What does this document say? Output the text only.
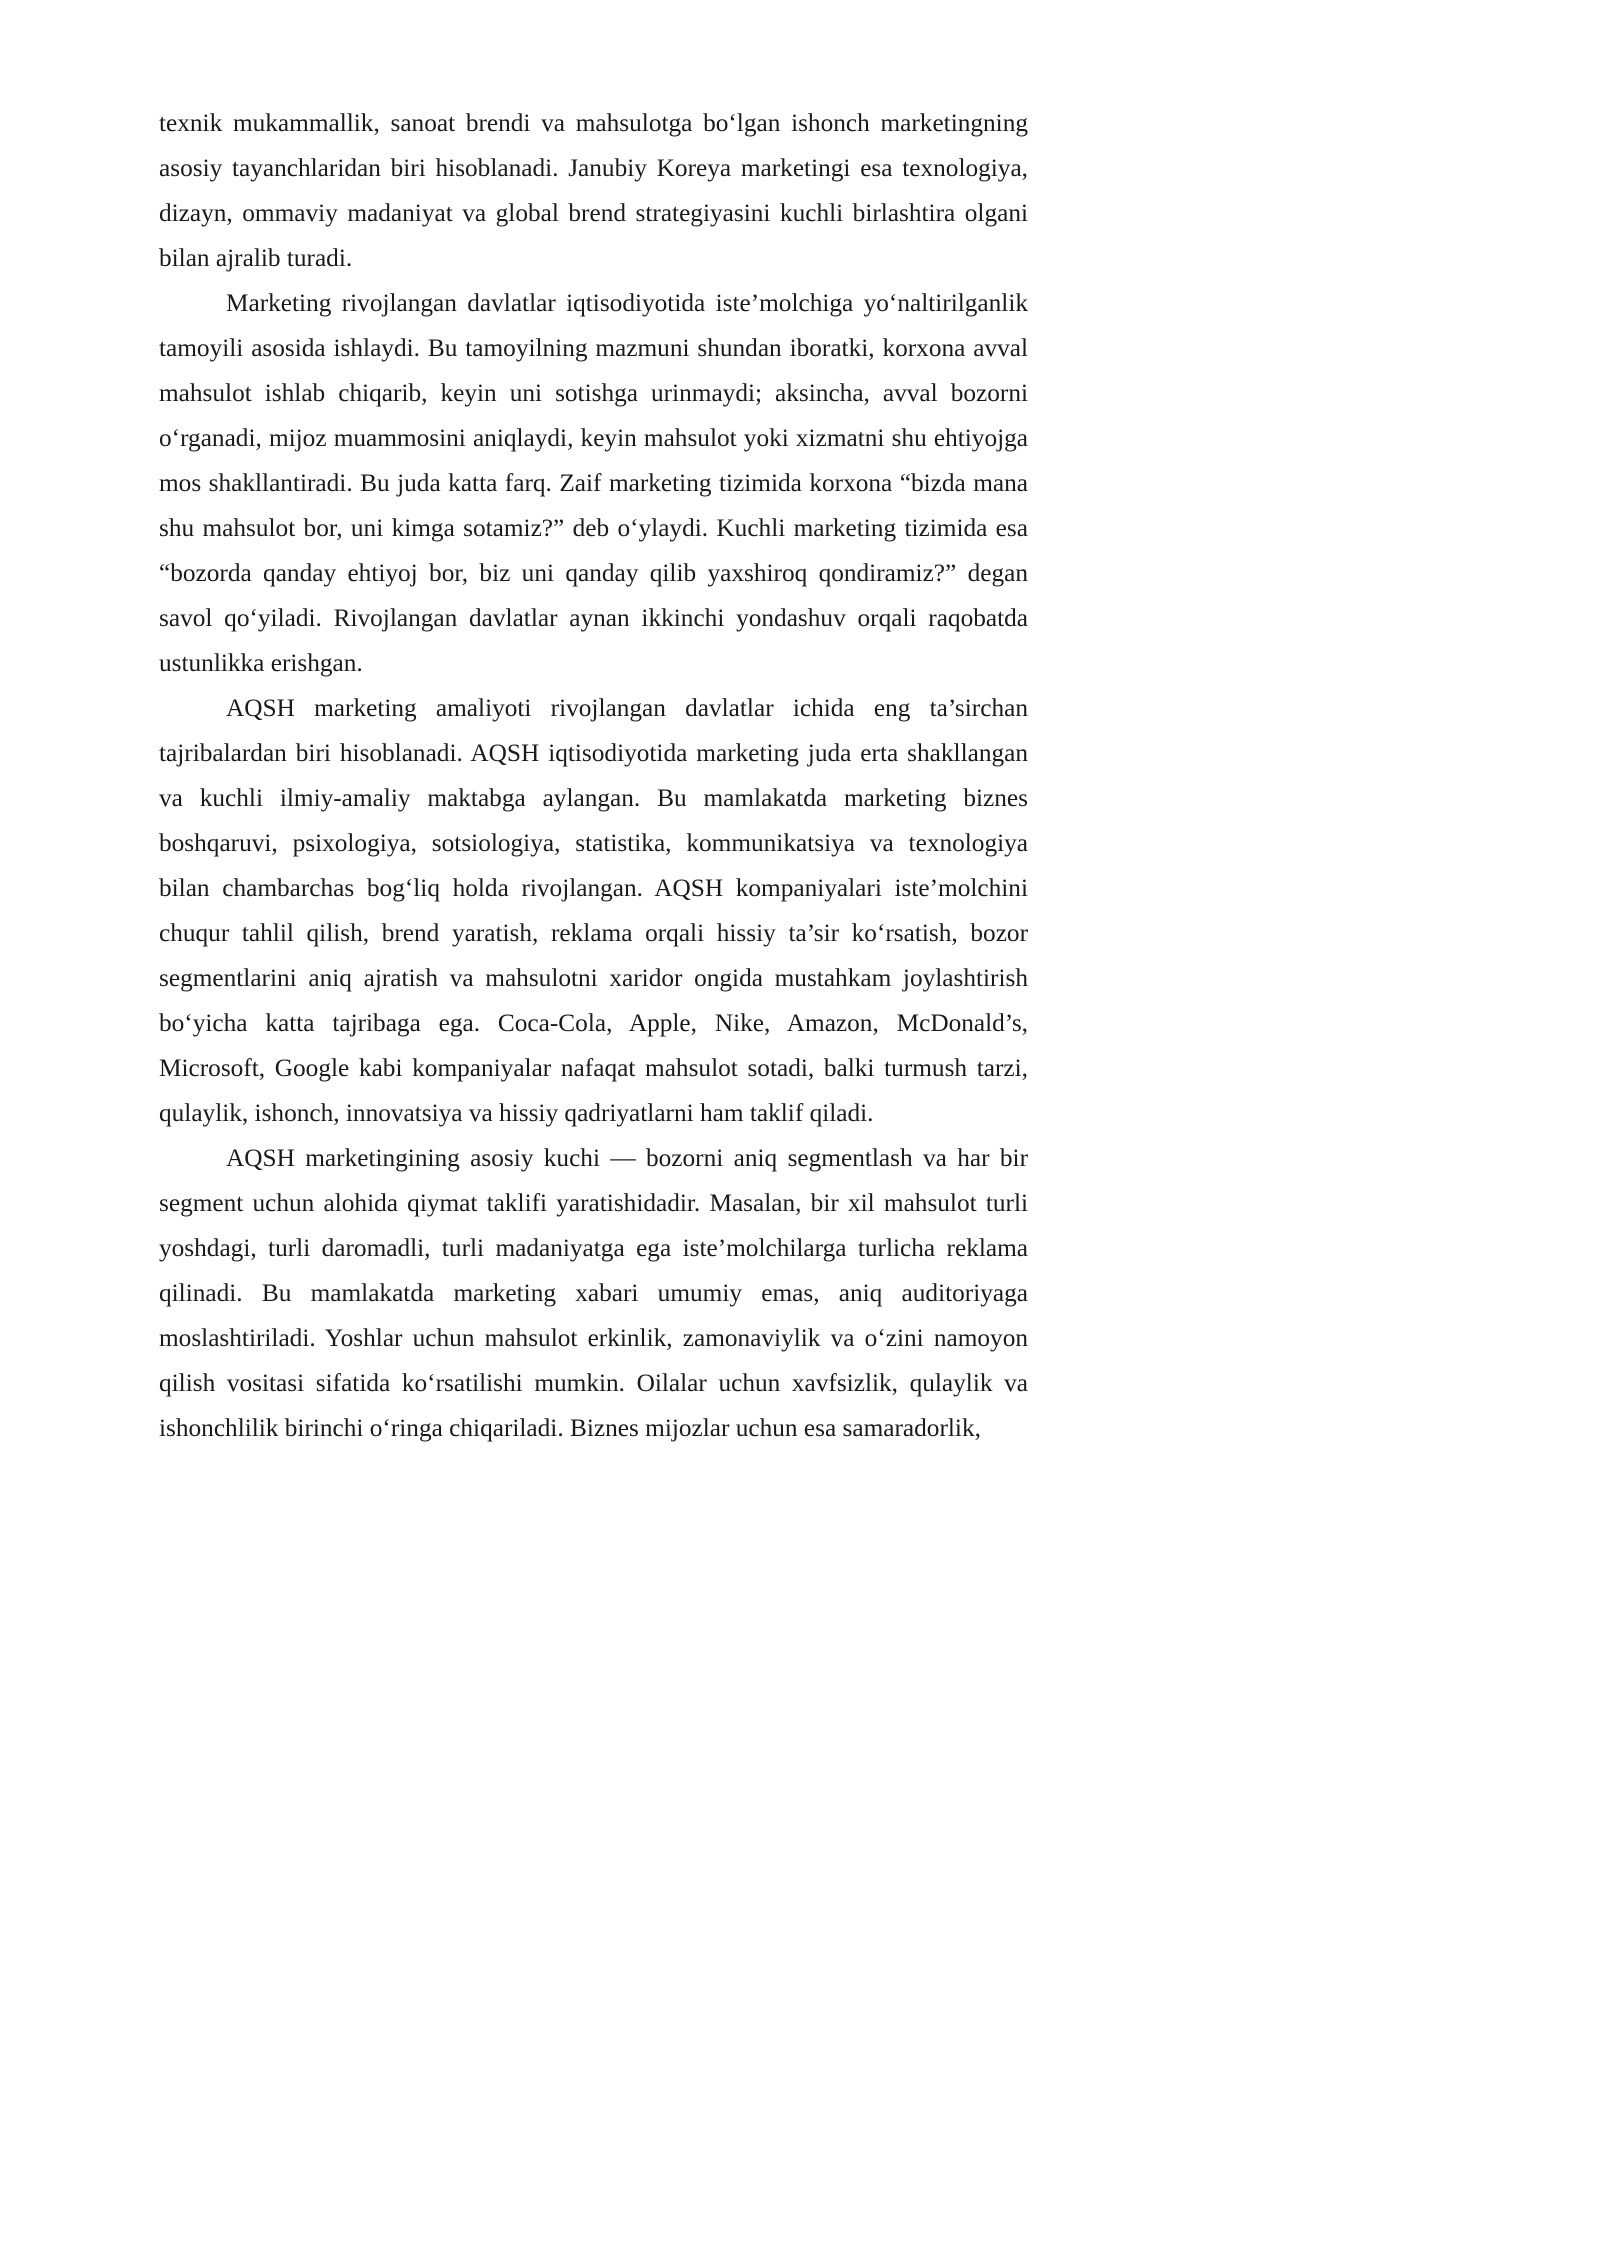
texnik mukammallik, sanoat brendi va mahsulotga bo‘lgan ishonch marketingning asosiy tayanchlaridan biri hisoblanadi. Janubiy Koreya marketingi esa texnologiya, dizayn, ommaviy madaniyat va global brend strategiyasini kuchli birlashtira olgani bilan ajralib turadi.

Marketing rivojlangan davlatlar iqtisodiyotida iste’molchiga yo‘naltirilganlik tamoyili asosida ishlaydi. Bu tamoyilning mazmuni shundan iboratki, korxona avval mahsulot ishlab chiqarib, keyin uni sotishga urinmaydi; aksincha, avval bozorni o‘rganadi, mijoz muammosini aniqlaydi, keyin mahsulot yoki xizmatni shu ehtiyojga mos shakllantiradi. Bu juda katta farq. Zaif marketing tizimida korxona “bizda mana shu mahsulot bor, uni kimga sotamiz?” deb o‘ylaydi. Kuchli marketing tizimida esa “bozorda qanday ehtiyoj bor, biz uni qanday qilib yaxshiroq qondiramiz?” degan savol qo‘yiladi. Rivojlangan davlatlar aynan ikkinchi yondashuv orqali raqobatda ustunlikka erishgan.

AQSH marketing amaliyoti rivojlangan davlatlar ichida eng ta’sirchan tajribalardan biri hisoblanadi. AQSH iqtisodiyotida marketing juda erta shakllangan va kuchli ilmiy-amaliy maktabga aylangan. Bu mamlakatda marketing biznes boshqaruvi, psixologiya, sotsiologiya, statistika, kommunikatsiya va texnologiya bilan chambarchas bog‘liq holda rivojlangan. AQSH kompaniyalari iste’molchini chuqur tahlil qilish, brend yaratish, reklama orqali hissiy ta’sir ko‘rsatish, bozor segmentlarini aniq ajratish va mahsulotni xaridor ongida mustahkam joylashtirish bo‘yicha katta tajribaga ega. Coca-Cola, Apple, Nike, Amazon, McDonald’s, Microsoft, Google kabi kompaniyalar nafaqat mahsulot sotadi, balki turmush tarzi, qulaylik, ishonch, innovatsiya va hissiy qadriyatlarni ham taklif qiladi.

AQSH marketingining asosiy kuchi — bozorni aniq segmentlash va har bir segment uchun alohida qiymat taklifi yaratishidadir. Masalan, bir xil mahsulot turli yoshdagi, turli daromadli, turli madaniyatga ega iste’molchilarga turlicha reklama qilinadi. Bu mamlakatda marketing xabari umumiy emas, aniq auditoriyaga moslashtiriladi. Yoshlar uchun mahsulot erkinlik, zamonaviylik va o‘zini namoyon qilish vositasi sifatida ko‘rsatilishi mumkin. Oilalar uchun xavfsizlik, qulaylik va ishonchlilik birinchi o‘ringa chiqariladi. Biznes mijozlar uchun esa samaradorlik,
